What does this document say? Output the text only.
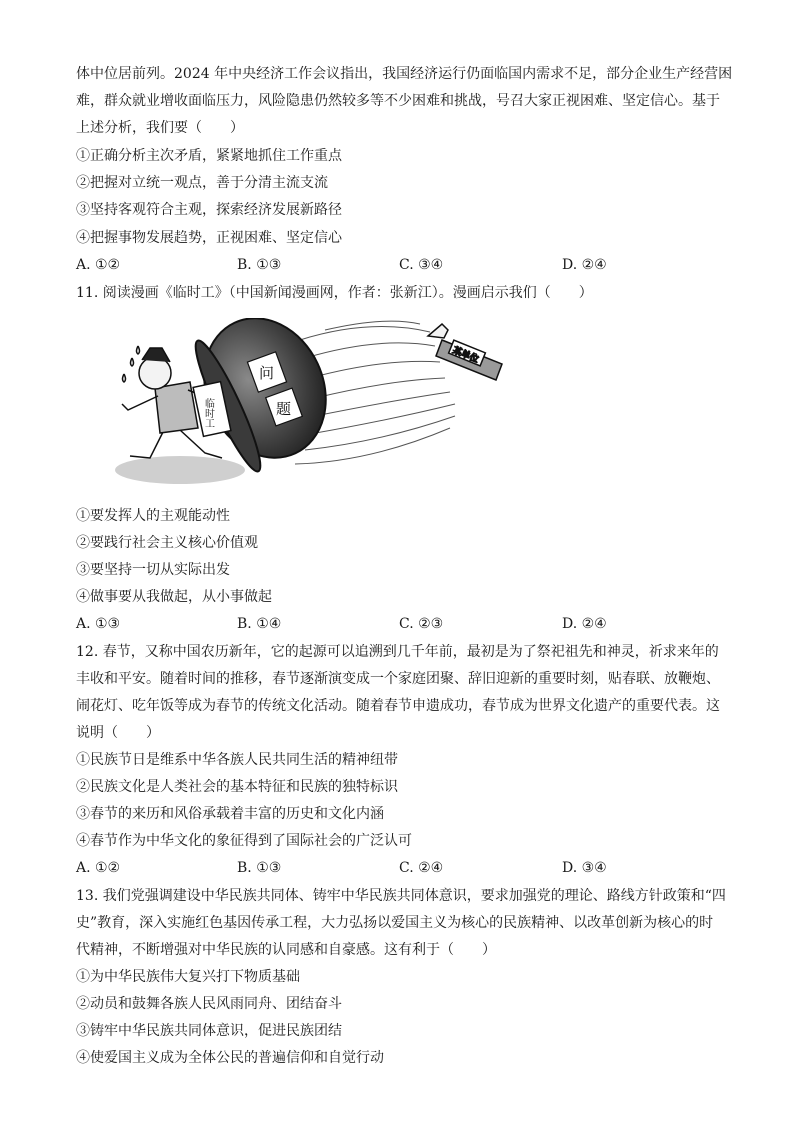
体中位居前列。2024 年中央经济工作会议指出，我国经济运行仍面临国内需求不足，部分企业生产经营困
难，群众就业增收面临压力，风险隐患仍然较多等不少困难和挑战，号召大家正视困难、坚定信心。基于
上述分析，我们要（　　）
①正确分析主次矛盾，紧紧地抓住工作重点
②把握对立统一观点，善于分清主流支流
③坚持客观符合主观，探索经济发展新路径
④把握事物发展趋势，正视困难、坚定信心
A. ①②	B. ①③	C. ③④	D. ②④
11. 阅读漫画《临时工》（中国新闻漫画网，作者：张新江）。漫画启示我们（　　）
问
题
临时工
某单位
①要发挥人的主观能动性
②要践行社会主义核心价值观
③要坚持一切从实际出发
④做事要从我做起，从小事做起
A. ①③	B. ①④	C. ②③	D. ②④
12. 春节，又称中国农历新年，它的起源可以追溯到几千年前，最初是为了祭祀祖先和神灵，祈求来年的
丰收和平安。随着时间的推移，春节逐渐演变成一个家庭团聚、辞旧迎新的重要时刻，贴春联、放鞭炮、
闹花灯、吃年饭等成为春节的传统文化活动。随着春节申遗成功，春节成为世界文化遗产的重要代表。这
说明（　　）
①民族节日是维系中华各族人民共同生活的精神纽带
②民族文化是人类社会的基本特征和民族的独特标识
③春节的来历和风俗承载着丰富的历史和文化内涵
④春节作为中华文化的象征得到了国际社会的广泛认可
A. ①②	B. ①③	C. ②④	D. ③④
13. 我们党强调建设中华民族共同体、铸牢中华民族共同体意识，要求加强党的理论、路线方针政策和“四
史”教育，深入实施红色基因传承工程，大力弘扬以爱国主义为核心的民族精神、以改革创新为核心的时
代精神，不断增强对中华民族的认同感和自豪感。这有利于（　　）
①为中华民族伟大复兴打下物质基础
②动员和鼓舞各族人民风雨同舟、团结奋斗
③铸牢中华民族共同体意识，促进民族团结
④使爱国主义成为全体公民的普遍信仰和自觉行动
